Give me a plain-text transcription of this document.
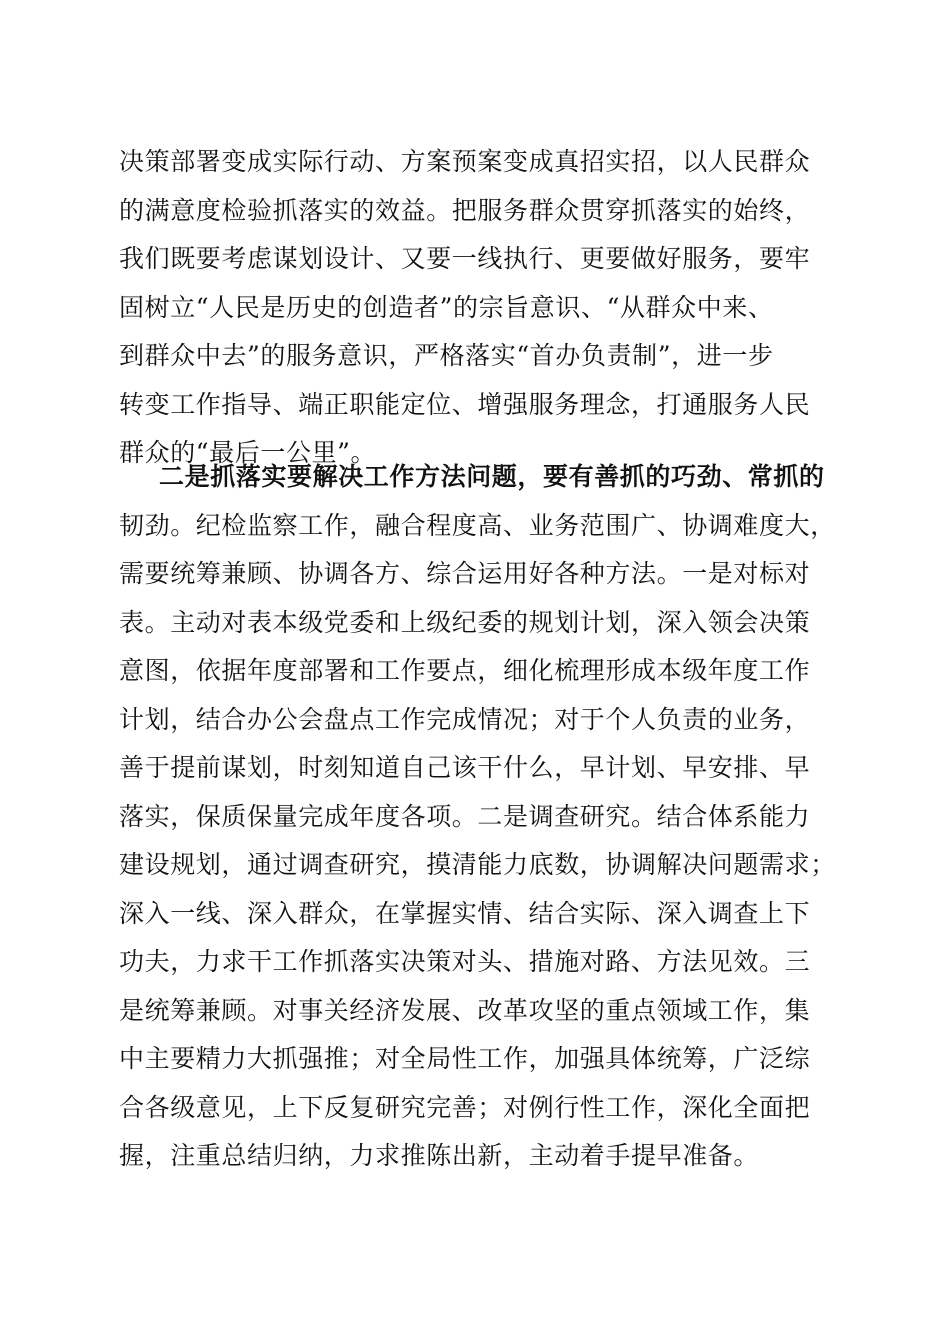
决策部署变成实际行动、方案预案变成真招实招，以人民群众
的满意度检验抓落实的效益。把服务群众贯穿抓落实的始终，
我们既要考虑谋划设计、又要一线执行、更要做好服务，要牢
固树立“人民是历史的创造者”的宗旨意识、“从群众中来、
到群众中去”的服务意识，严格落实“首办负责制”，进一步
转变工作指导、端正职能定位、增强服务理念，打通服务人民
群众的“最后一公里”。
二是抓落实要解决工作方法问题，要有善抓的巧劲、常抓的
韧劲。纪检监察工作，融合程度高、业务范围广、协调难度大，
需要统筹兼顾、协调各方、综合运用好各种方法。一是对标对
表。主动对表本级党委和上级纪委的规划计划，深入领会决策
意图，依据年度部署和工作要点，细化梳理形成本级年度工作
计划，结合办公会盘点工作完成情况；对于个人负责的业务，
善于提前谋划，时刻知道自己该干什么，早计划、早安排、早
落实，保质保量完成年度各项。二是调查研究。结合体系能力
建设规划，通过调查研究，摸清能力底数，协调解决问题需求；
深入一线、深入群众，在掌握实情、结合实际、深入调查上下
功夫，力求干工作抓落实决策对头、措施对路、方法见效。三
是统筹兼顾。对事关经济发展、改革攻坚的重点领域工作，集
中主要精力大抓强推；对全局性工作，加强具体统筹，广泛综
合各级意见，上下反复研究完善；对例行性工作，深化全面把
握，注重总结归纳，力求推陈出新，主动着手提早准备。
